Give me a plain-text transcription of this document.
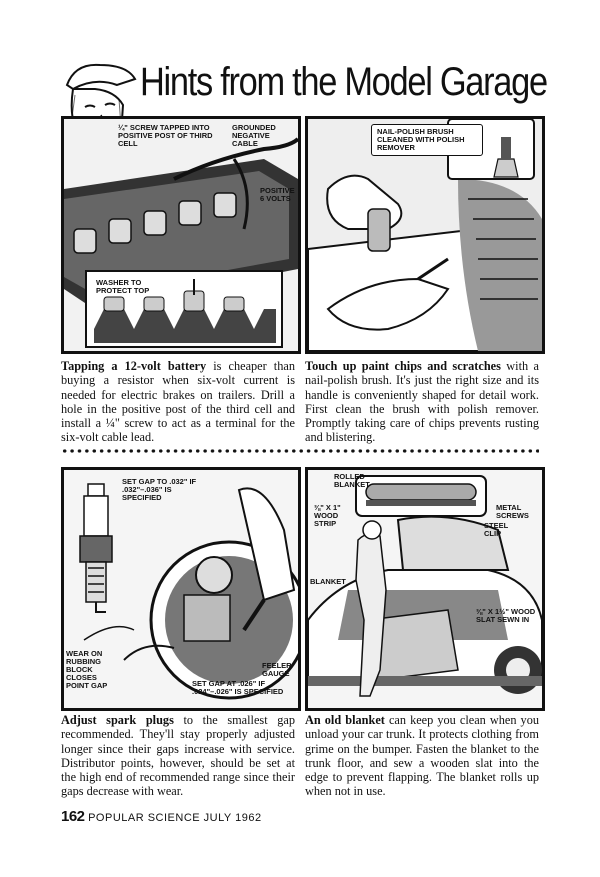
Hints from the Model Garage
¼" SCREW TAPPED INTO POSITIVE POST OF THIRD CELL
GROUNDED NEGATIVE CABLE
POSITIVE 6 VOLTS
WASHER TO PROTECT TOP
NAIL-POLISH BRUSH CLEANED WITH POLISH REMOVER
Tapping a 12-volt battery is cheaper than buying a resistor when six-volt current is needed for electric brakes on trailers. Drill a hole in the positive post of the third cell and install a ¼" screw to act as a terminal for the six-volt cable lead.
Touch up paint chips and scratches with a nail-polish brush. It's just the right size and its handle is conveniently shaped for detail work. First clean the brush with polish remover. Promptly taking care of chips prevents rusting and blistering.
SET GAP TO .032" IF .032"–.036" IS SPECIFIED
WEAR ON RUBBING BLOCK CLOSES POINT GAP
FEELER GAUGE
SET GAP AT .026" IF .024"–.026" IS SPECIFIED
ROLLED BLANKET
⅜" X 1" WOOD STRIP
METAL SCREWS
STEEL CLIP
BLANKET
⅜" X 1½" WOOD SLAT SEWN IN
Adjust spark plugs to the smallest gap recommended. They'll stay properly adjusted longer since their gaps increase with service. Distributor points, however, should be set at the high end of recommended range since their gaps decrease with wear.
An old blanket can keep you clean when you unload your car trunk. It protects clothing from grime on the bumper. Fasten the blanket to the trunk floor, and sew a wooden slat into the edge to prevent flapping. The blanket rolls up when not in use.
162 POPULAR SCIENCE JULY 1962
